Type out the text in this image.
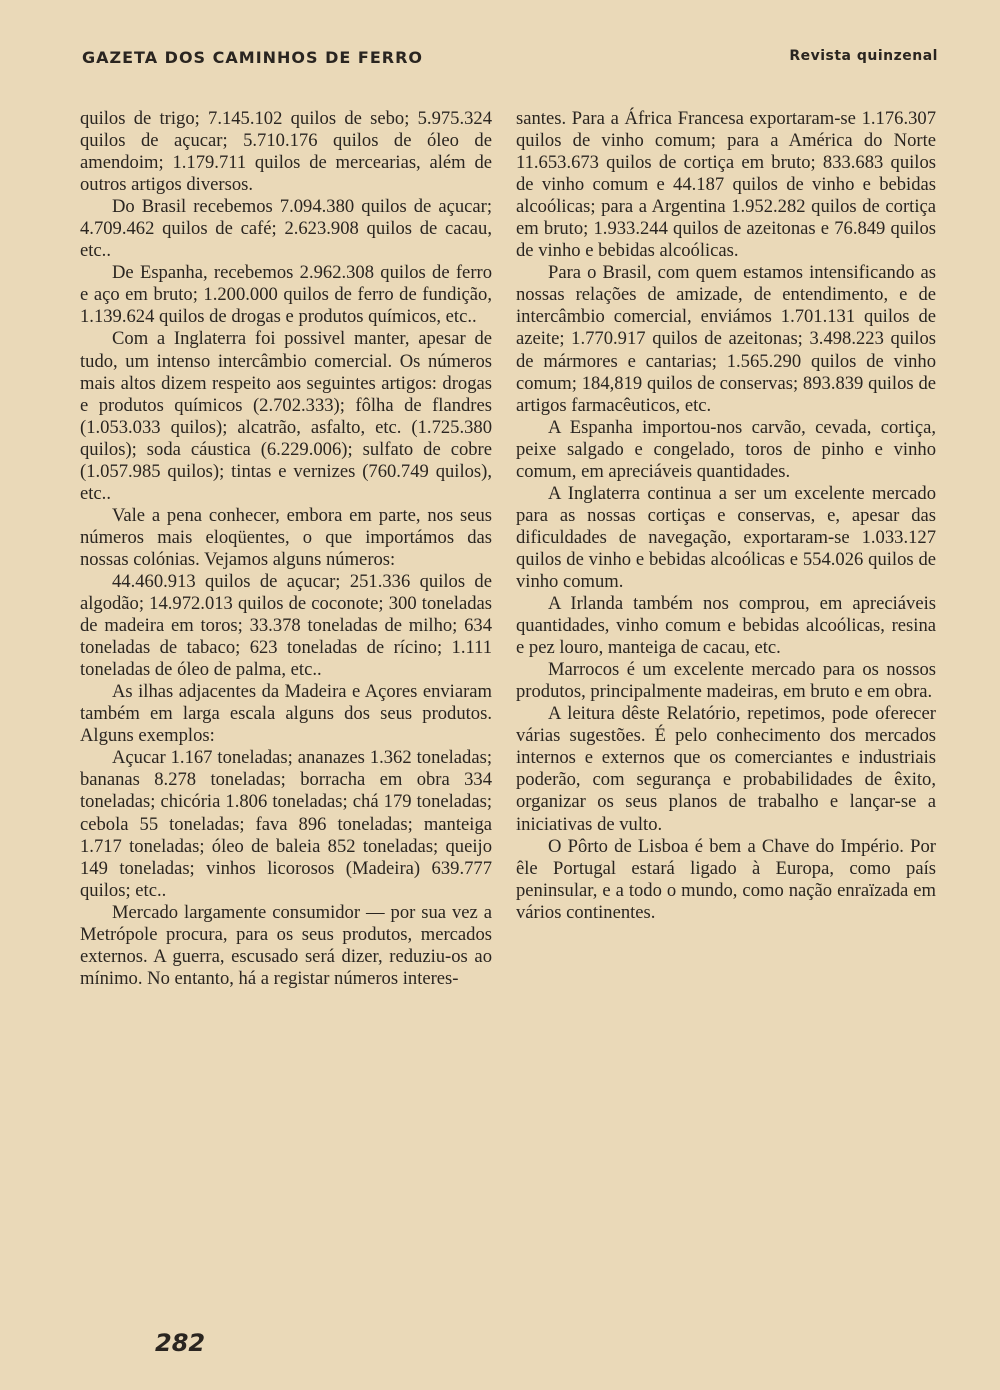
GAZETA DOS CAMINHOS DE FERRO	Revista quinzenal

quilos de trigo; 7.145.102 quilos de sebo; 5.975.324 quilos de açucar; 5.710.176 quilos de óleo de amendoim; 1.179.711 quilos de mercearias, além de outros artigos diversos.

Do Brasil recebemos 7.094.380 quilos de açucar; 4.709.462 quilos de café; 2.623.908 quilos de cacau, etc..

De Espanha, recebemos 2.962.308 quilos de ferro e aço em bruto; 1.200.000 quilos de ferro de fundição, 1.139.624 quilos de drogas e produtos químicos, etc..

Com a Inglaterra foi possivel manter, apesar de tudo, um intenso intercâmbio comercial. Os números mais altos dizem respeito aos seguintes artigos: drogas e produtos químicos (2.702.333); fôlha de flandres (1.053.033 quilos); alcatrão, asfalto, etc. (1.725.380 quilos); soda cáustica (6.229.006); sulfato de cobre (1.057.985 quilos); tintas e vernizes (760.749 quilos), etc..

Vale a pena conhecer, embora em parte, nos seus números mais eloqüentes, o que importámos das nossas colónias. Vejamos alguns números:

44.460.913 quilos de açucar; 251.336 quilos de algodão; 14.972.013 quilos de coconote; 300 toneladas de madeira em toros; 33.378 toneladas de milho; 634 toneladas de tabaco; 623 toneladas de rícino; 1.111 toneladas de óleo de palma, etc..

As ilhas adjacentes da Madeira e Açores enviaram também em larga escala alguns dos seus produtos. Alguns exemplos:

Açucar 1.167 toneladas; ananazes 1.362 toneladas; bananas 8.278 toneladas; borracha em obra 334 toneladas; chicória 1.806 toneladas; chá 179 toneladas; cebola 55 toneladas; fava 896 toneladas; manteiga 1.717 toneladas; óleo de baleia 852 toneladas; queijo 149 toneladas; vinhos licorosos (Madeira) 639.777 quilos; etc..

Mercado largamente consumidor — por sua vez a Metrópole procura, para os seus produtos, mercados externos. A guerra, escusado será dizer, reduziu-os ao mínimo. No entanto, há a registar números interes-

santes. Para a África Francesa exportaram-se 1.176.307 quilos de vinho comum; para a América do Norte 11.653.673 quilos de cortiça em bruto; 833.683 quilos de vinho comum e 44.187 quilos de vinho e bebidas alcoólicas; para a Argentina 1.952.282 quilos de cortiça em bruto; 1.933.244 quilos de azeitonas e 76.849 quilos de vinho e bebidas alcoólicas.

Para o Brasil, com quem estamos intensificando as nossas relações de amizade, de entendimento, e de intercâmbio comercial, enviámos 1.701.131 quilos de azeite; 1.770.917 quilos de azeitonas; 3.498.223 quilos de mármores e cantarias; 1.565.290 quilos de vinho comum; 184,819 quilos de conservas; 893.839 quilos de artigos farmacêuticos, etc.

A Espanha importou-nos carvão, cevada, cortiça, peixe salgado e congelado, toros de pinho e vinho comum, em apreciáveis quantidades.

A Inglaterra continua a ser um excelente mercado para as nossas cortiças e conservas, e, apesar das dificuldades de navegação, exportaram-se 1.033.127 quilos de vinho e bebidas alcoólicas e 554.026 quilos de vinho comum.

A Irlanda também nos comprou, em apreciáveis quantidades, vinho comum e bebidas alcoólicas, resina e pez louro, manteiga de cacau, etc.

Marrocos é um excelente mercado para os nossos produtos, principalmente madeiras, em bruto e em obra.

A leitura dêste Relatório, repetimos, pode oferecer várias sugestões. É pelo conhecimento dos mercados internos e externos que os comerciantes e industriais poderão, com segurança e probabilidades de êxito, organizar os seus planos de trabalho e lançar-se a iniciativas de vulto.

O Pôrto de Lisboa é bem a Chave do Império. Por êle Portugal estará ligado à Europa, como país peninsular, e a todo o mundo, como nação enraïzada em vários continentes.

282
